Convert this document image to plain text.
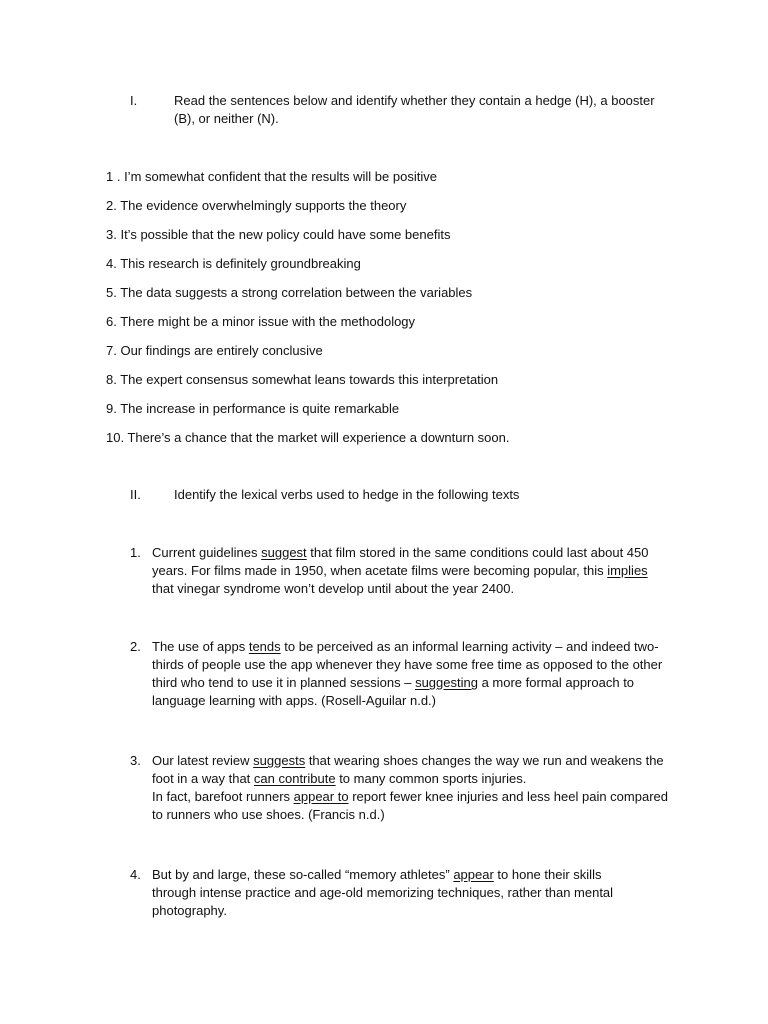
I.	Read the sentences below and identify whether they contain a hedge (H), a booster (B), or neither (N).
1 . I’m somewhat confident that the results will be positive
2. The evidence overwhelmingly supports the theory
3. It’s possible that the new policy could have some benefits
4. This research is definitely groundbreaking
5. The data suggests a strong correlation between the variables
6. There might be a minor issue with the methodology
7. Our findings are entirely conclusive
8. The expert consensus somewhat leans towards this interpretation
9. The increase in performance is quite remarkable
10. There’s a chance that the market will experience a downturn soon.
II.	Identify the lexical verbs used to hedge in the following texts
1. Current guidelines suggest that film stored in the same conditions could last about 450 years. For films made in 1950, when acetate films were becoming popular, this implies that vinegar syndrome won’t develop until about the year 2400.
2. The use of apps tends to be perceived as an informal learning activity – and indeed two-thirds of people use the app whenever they have some free time as opposed to the other third who tend to use it in planned sessions – suggesting a more formal approach to language learning with apps. (Rosell-Aguilar n.d.)
3. Our latest review suggests that wearing shoes changes the way we run and weakens the foot in a way that can contribute to many common sports injuries.
In fact, barefoot runners appear to report fewer knee injuries and less heel pain compared to runners who use shoes. (Francis n.d.)
4. But by and large, these so-called “memory athletes” appear to hone their skills
through intense practice and age-old memorizing techniques, rather than mental photography.
